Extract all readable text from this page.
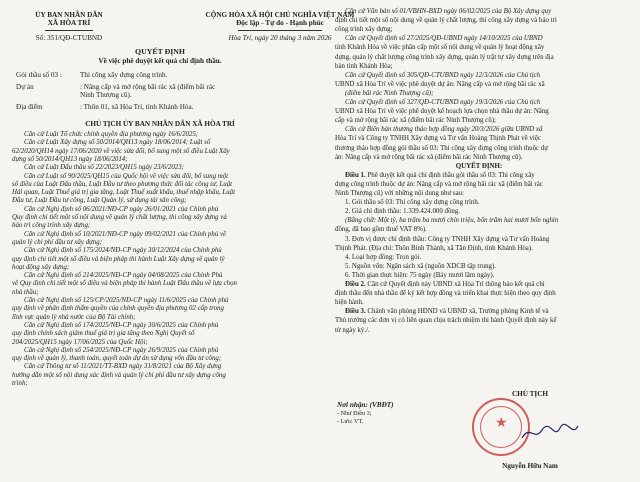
ỦY BAN NHÂN DÂN
XÃ HÒA TRÍ
Số: 351/QĐ-CTUBND
CỘNG HÒA XÃ HỘI CHỦ NGHĨA VIỆT NAM
Độc lập - Tự do - Hạnh phúc
Hòa Trí, ngày 20 tháng 3 năm 2026
QUYẾT ĐỊNH
Về việc phê duyệt kết quả chỉ định thầu.
Gói thầu số 03 :	Thi công xây dựng công trình.
Dự án	: Nâng cấp và mở rộng bãi rác xã (điểm bãi rác
Ninh Thượng cũ).
Địa điểm	: Thôn 01, xã Hòa Trí, tỉnh Khánh Hòa.
CHỦ TỊCH ỦY BAN NHÂN DÂN XÃ HÒA TRÍ
Căn cứ Luật Tổ chức chính quyền địa phương ngày 16/6/2025;
Căn cứ Luật Xây dựng số 50/2014/QH13 ngày 18/06/2014; Luật số
62/2020/QH14 ngày 17/06/2020 về việc sửa đổi, bổ sung một số điều Luật Xây
dựng số 50/2014/QH13 ngày 18/06/2014;
Căn cứ Luật Đấu thầu số 22/2023/QH15 ngày 23/6/2023;
Căn cứ Luật số 90/2025/QH15 của Quốc hội về việc sửa đổi, bổ sung một
số điều của Luật Đấu thầu, Luật Đầu tư theo phương thức đối tác công tư, Luật
Hải quan, Luật Thuế giá trị gia tăng, Luật Thuế xuất khẩu, thuế nhập khẩu, Luật
Đầu tư, Luật Đầu tư công, Luật Quản lý, sử dụng tài sản công;
Căn cứ Nghị định số 06/2021/NĐ-CP ngày 26/01/2021 của Chính phủ
Quy định chi tiết một số nội dung về quản lý chất lượng, thi công xây dựng và
bảo trì công trình xây dựng;
Căn cứ Nghị định số 10/2021/NĐ-CP ngày 09/02/2021 của Chính phủ về
quản lý chi phí đầu tư xây dựng;
Căn cứ Nghị định số 175/2024/NĐ-CP ngày 30/12/2024 của Chính phủ
quy định chi tiết một số điều và biện pháp thi hành Luật Xây dựng về quản lý
hoạt động xây dựng;
Căn cứ Nghị định số 214/2025/NĐ-CP ngày 04/08/2025 của Chính Phủ
về Quy định chi tiết một số điều và biện pháp thi hành Luật Đấu thầu về lựa chọn
nhà thầu;
Căn cứ Nghị định số 125/CP/2025/NĐ-CP ngày 11/6/2025 của Chính phủ
quy định về phân định thẩm quyền của chính quyền địa phương 02 cấp trong
lĩnh vực quản lý nhà nước của Bộ Tài chính;
Căn cứ Nghị định số 174/2025/NĐ-CP ngày 30/6/2025 của Chính phủ
quy định chính sách giảm thuế giá trị gia tăng theo Nghị Quyết số
204/2025/QH15 ngày 17/06/2025 của Quốc Hội;
Căn cứ Nghị định số 254/2025/NĐ-CP ngày 26/9/2025 của Chính phủ
quy định về quản lý, thanh toán, quyết toán dự án sử dụng vốn đầu tư công;
Căn cứ Thông tư số 11/2021/TT-BXD ngày 31/8/2021 của Bộ Xây dựng
hướng dẫn một số nội dung xác định và quản lý chi phí đầu tư xây dựng công
trình;
Căn cứ Văn bản số 01/VBHN-BXD ngày 06/02/2025 của Bộ Xây dựng quy
định chi tiết một số nội dung về quản lý chất lượng, thi công xây dựng và bảo trì
công trình xây dựng;
Căn cứ Quyết định số 27/2025/QĐ-UBND ngày 14/10/2025 của UBND
tỉnh Khánh Hòa về việc phân cấp một số nội dung về quản lý hoạt động xây
dựng, quản lý chất lượng công trình xây dựng, quản lý trật tự xây dựng trên địa
bàn tỉnh Khánh Hòa;
Căn cứ Quyết định số 305/QĐ-CTUBND ngày 12/3/2026 của Chủ tịch
UBND xã Hòa Trí về việc phê duyệt dự án: Nâng cấp và mở rộng bãi rác xã
(điểm bãi rác Ninh Thượng cũ);
Căn cứ Quyết định số 327/QĐ-CTUBND ngày 19/3/2026 của Chủ tịch
UBND xã Hòa Trí về việc phê duyệt kế hoạch lựa chọn nhà thầu dự án: Nâng
cấp và mở rộng bãi rác xã (điểm bãi rác Ninh Thượng cũ);
Căn cứ Biên bản thương thảo hợp đồng ngày 20/3/2026 giữa UBND xã
Hòa Trí và Công ty TNHH Xây dựng và Tư vấn Hoàng Thịnh Phát về việc
thương thảo hợp đồng gói thầu số 03: Thi công xây dựng công trình thuộc dự
án: Nâng cấp và mở rộng bãi rác xã (điểm bãi rác Ninh Thượng cũ).
QUYẾT ĐỊNH:
Điều 1. Phê duyệt kết quả chỉ định thầu gói thầu số 03: Thi công xây
dựng công trình thuộc dự án: Nâng cấp và mở rộng bãi rác xã (điểm bãi rác
Ninh Thượng cũ) với những nội dung như sau:
1. Gói thầu số 03: Thi công xây dựng công trình.
2. Giá chỉ định thầu: 1.339.424.000 đồng.
(Bằng chữ: Một tỷ, ba trăm ba mươi chín triệu, bốn trăm hai mươi bốn nghìn
đồng, đã bao gồm thuế VAT 8%).
3. Đơn vị được chỉ định thầu: Công ty TNHH Xây dựng và Tư vấn Hoàng
Thịnh Phát. (Địa chỉ: Thôn Bình Thành, xã Tân Định, tỉnh Khánh Hòa).
4. Loại hợp đồng: Trọn gói.
5. Nguồn vốn: Ngân sách xã (nguồn XDCB tập trung).
6. Thời gian thực hiện: 75 ngày (Bảy mươi lăm ngày).
Điều 2. Căn cứ Quyết định này UBND xã Hòa Trí thông báo kết quả chỉ
định thầu đến nhà thầu để ký kết hợp đồng và triển khai thực hiện theo quy định
hiện hành.
Điều 3. Chánh văn phòng HĐND và UBND xã, Trưởng phòng Kinh tế và
Thủ trưởng các đơn vị có liên quan chịu trách nhiệm thi hành Quyết định này kể
từ ngày ký./.
Nơi nhận: (VBĐT)
- Như Điều 3;
- Lưu: VT.
CHỦ TỊCH
★
Nguyễn Hữu Nam
